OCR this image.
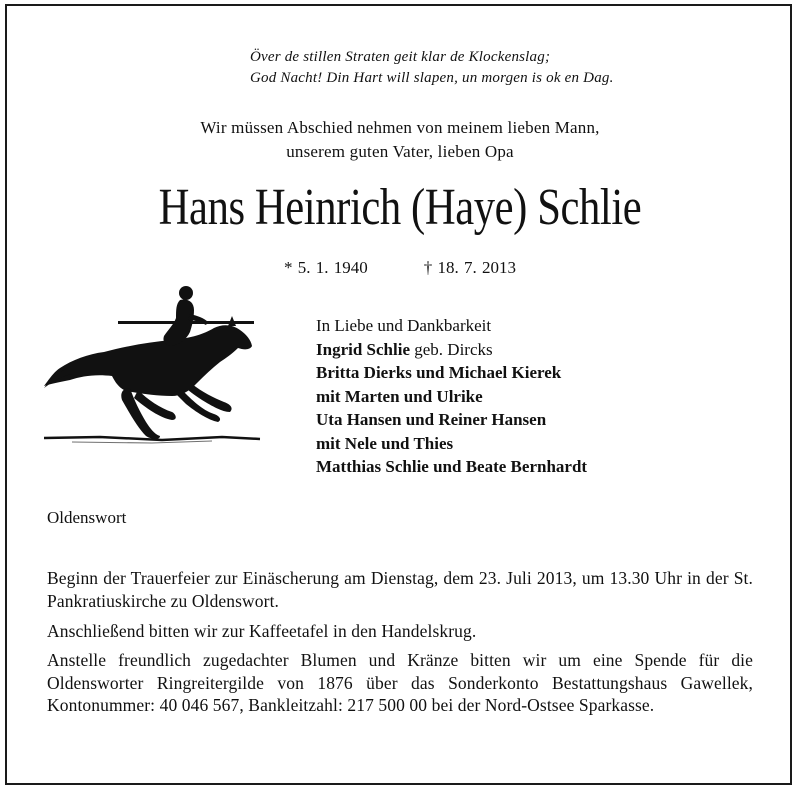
Över de stillen Straten geit klar de Klockenslag;
God Nacht! Din Hart will slapen, un morgen is ok en Dag.
Wir müssen Abschied nehmen von meinem lieben Mann,
unserem guten Vater, lieben Opa
Hans Heinrich (Haye) Schlie
* 5. 1. 1940	† 18. 7. 2013
In Liebe und Dankbarkeit
Ingrid Schlie geb. Dircks
Britta Dierks und Michael Kierek
mit Marten und Ulrike
Uta Hansen und Reiner Hansen
mit Nele und Thies
Matthias Schlie und Beate Bernhardt
Oldenswort
Beginn der Trauerfeier zur Einäscherung am Dienstag, dem 23. Juli 2013, um 13.30 Uhr in der St. Pankratiuskirche zu Oldenswort.
Anschließend bitten wir zur Kaffeetafel in den Handelskrug.
Anstelle freundlich zugedachter Blumen und Kränze bitten wir um eine Spende für die Oldensworter Ringreitergilde von 1876 über das Sonderkonto Bestattungshaus Gawellek, Kontonummer: 40 046 567, Bankleitzahl: 217 500 00 bei der Nord-Ostsee Sparkasse.
